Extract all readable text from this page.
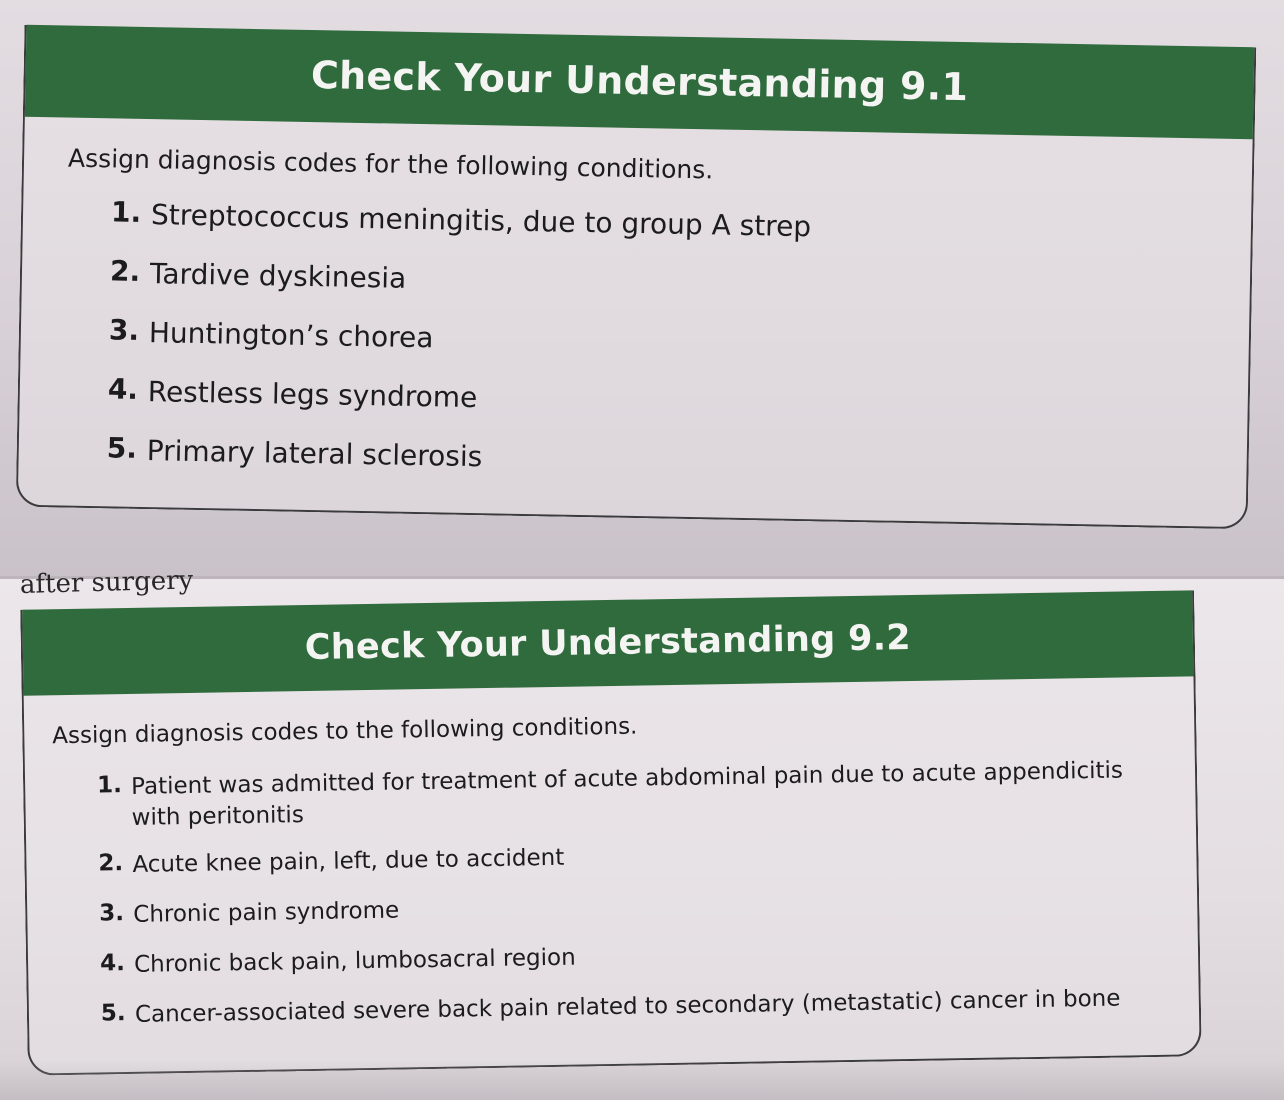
Check Your Understanding 9.1

Assign diagnosis codes for the following conditions.

1. Streptococcus meningitis, due to group A strep
2. Tardive dyskinesia
3. Huntington’s chorea
4. Restless legs syndrome
5. Primary lateral sclerosis
after surgery
Check Your Understanding 9.2

Assign diagnosis codes to the following conditions.

1. Patient was admitted for treatment of acute abdominal pain due to acute appendicitis with peritonitis
2. Acute knee pain, left, due to accident
3. Chronic pain syndrome
4. Chronic back pain, lumbosacral region
5. Cancer-associated severe back pain related to secondary (metastatic) cancer in bone
